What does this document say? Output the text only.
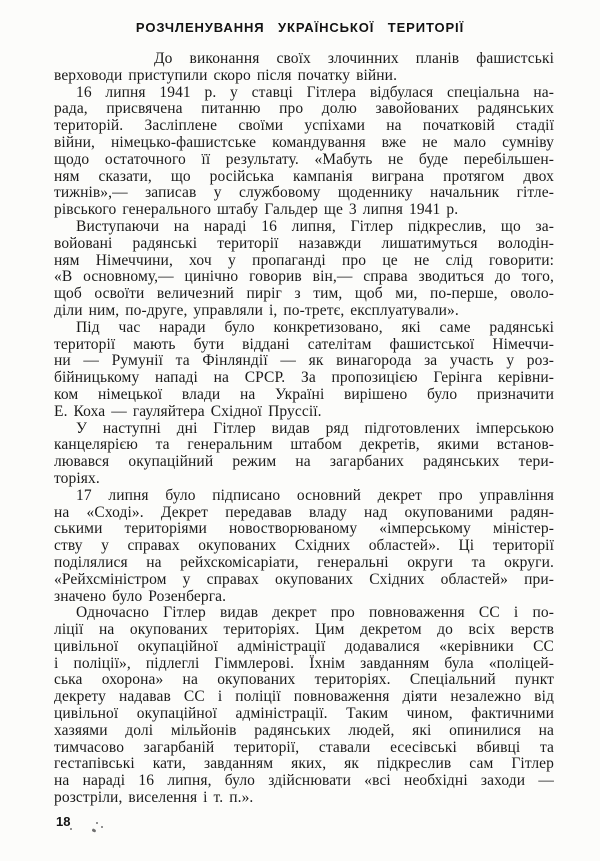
РОЗЧЛЕНУВАННЯ УКРАЇНСЬКОЇ ТЕРИТОРІЇ
До виконання своїх злочинних планів фашистські
верховоди приступили скоро після початку війни.
16 липня 1941 р. у ставці Гітлера відбулася спеціальна на-
рада, присвячена питанню про долю завойованих радянських
територій. Засліплене своїми успіхами на початковій стадії
війни, німецько-фашистське командування вже не мало сумніву
щодо остаточного її результату. «Мабуть не буде перебільшен-
ням сказати, що російська кампанія виграна протягом двох
тижнів»,— записав у службовому щоденнику начальник гітле-
рівського генерального штабу Гальдер ще 3 липня 1941 р.
Виступаючи на нараді 16 липня, Гітлер підкреслив, що за-
войовані радянські території назавжди лишатимуться володін-
ням Німеччини, хоч у пропаганді про це не слід говорити:
«В основному,— цинічно говорив він,— справа зводиться до того,
щоб освоїти величезний пиріг з тим, щоб ми, по-перше, оволо-
діли ним, по-друге, управляли і, по-третє, експлуатували».
Під час наради було конкретизовано, які саме радянські
території мають бути віддані сателітам фашистської Німеччи-
ни — Румунії та Фінляндії — як винагорода за участь у роз-
бійницькому нападі на СРСР. За пропозицією Герінга керівни-
ком німецької влади на Україні вирішено було призначити
Е. Коха — гауляйтера Східної Пруссії.
У наступні дні Гітлер видав ряд підготовлених імперською
канцелярією та генеральним штабом декретів, якими встанов-
лювався окупаційний режим на загарбаних радянських тери-
торіях.
17 липня було підписано основний декрет про управління
на «Сході». Декрет передавав владу над окупованими радян-
ськими територіями новостворюваному «імперському міністер-
ству у справах окупованих Східних областей». Ці території
поділялися на рейхскомісаріати, генеральні округи та округи.
«Рейхсміністром у справах окупованих Східних областей» при-
значено було Розенберга.
Одночасно Гітлер видав декрет про повноваження СС і по-
ліції на окупованих територіях. Цим декретом до всіх верств
цивільної окупаційної адміністрації додавалися «керівники СС
і поліції», підлеглі Гіммлерові. Їхнім завданням була «поліцей-
ська охорона» на окупованих територіях. Спеціальний пункт
декрету надавав СС і поліції повноваження діяти незалежно від
цивільної окупаційної адміністрації. Таким чином, фактичними
хазяями долі мільйонів радянських людей, які опинилися на
тимчасово загарбаній території, ставали есесівські вбивці та
гестапівські кати, завданням яких, як підкреслив сам Гітлер
на нараді 16 липня, було здійснювати «всі необхідні заходи —
розстріли, виселення і т. п.».
18
